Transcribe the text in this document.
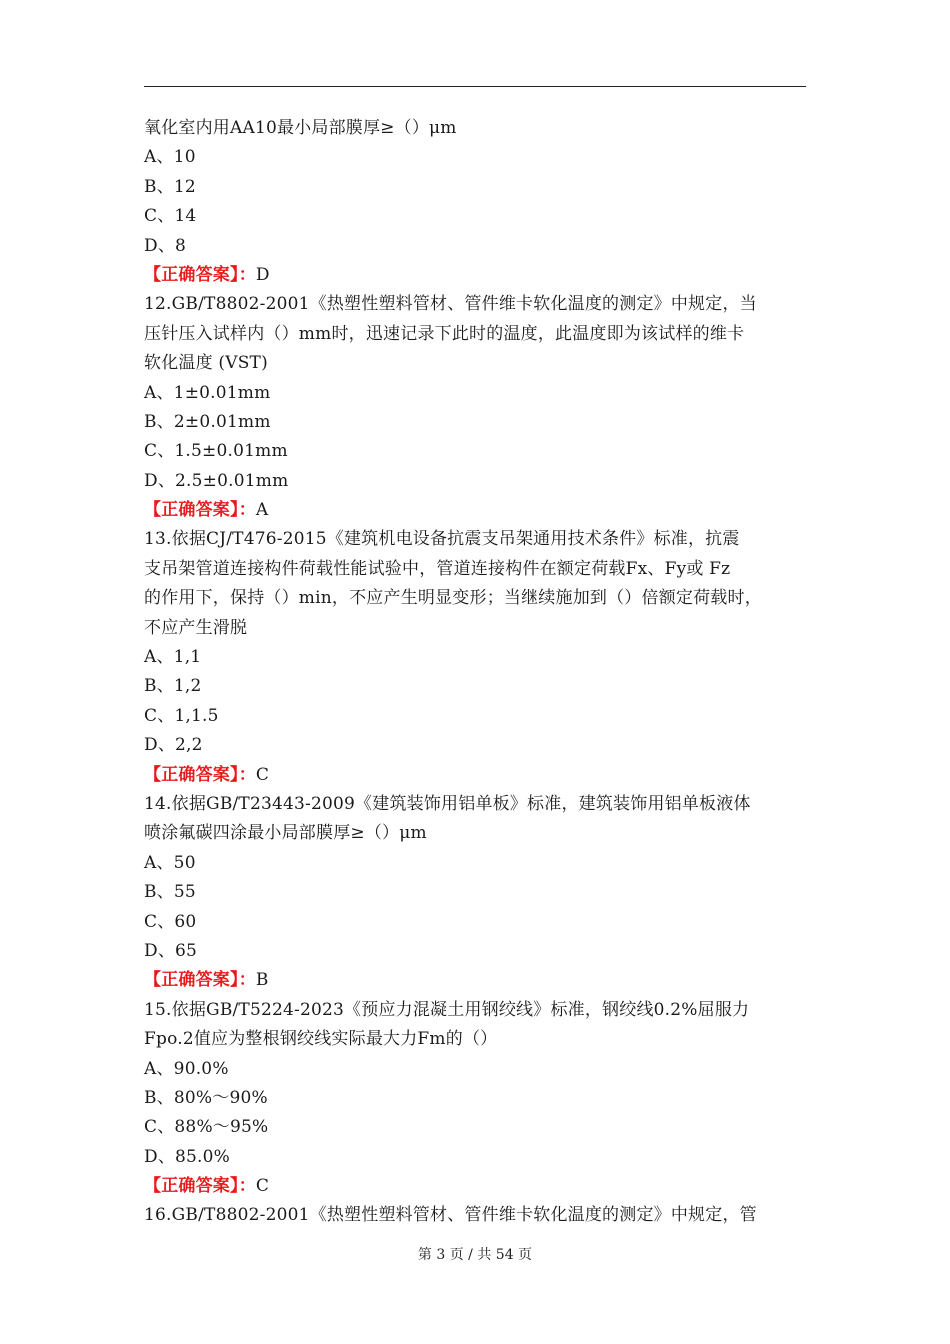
氧化室内用AA10最小局部膜厚≥（）μm
A、10
B、12
C、14
D、8
【正确答案】：D
12.GB/T8802-2001《热塑性塑料管材、管件维卡软化温度的测定》中规定，当
压针压入试样内（）mm时，迅速记录下此时的温度，此温度即为该试样的维卡
软化温度 (VST)
A、1±0.01mm
B、2±0.01mm
C、1.5±0.01mm
D、2.5±0.01mm
【正确答案】：A
13.依据CJ/T476-2015《建筑机电设备抗震支吊架通用技术条件》标准，抗震
支吊架管道连接构件荷载性能试验中，管道连接构件在额定荷载Fx、Fy或 Fz
的作用下，保持（）min，不应产生明显变形；当继续施加到（）倍额定荷载时，
不应产生滑脱
A、1,1
B、1,2
C、1,1.5
D、2,2
【正确答案】：C
14.依据GB/T23443-2009《建筑装饰用铝单板》标准，建筑装饰用铝单板液体
喷涂氟碳四涂最小局部膜厚≥（）μm
A、50
B、55
C、60
D、65
【正确答案】：B
15.依据GB/T5224-2023《预应力混凝土用钢绞线》标准，钢绞线0.2%屈服力
Fpo.2值应为整根钢绞线实际最大力Fm的（）
A、90.0%
B、80%～90%
C、88%～95%
D、85.0%
【正确答案】：C
16.GB/T8802-2001《热塑性塑料管材、管件维卡软化温度的测定》中规定，管
第 3 页 / 共 54 页
